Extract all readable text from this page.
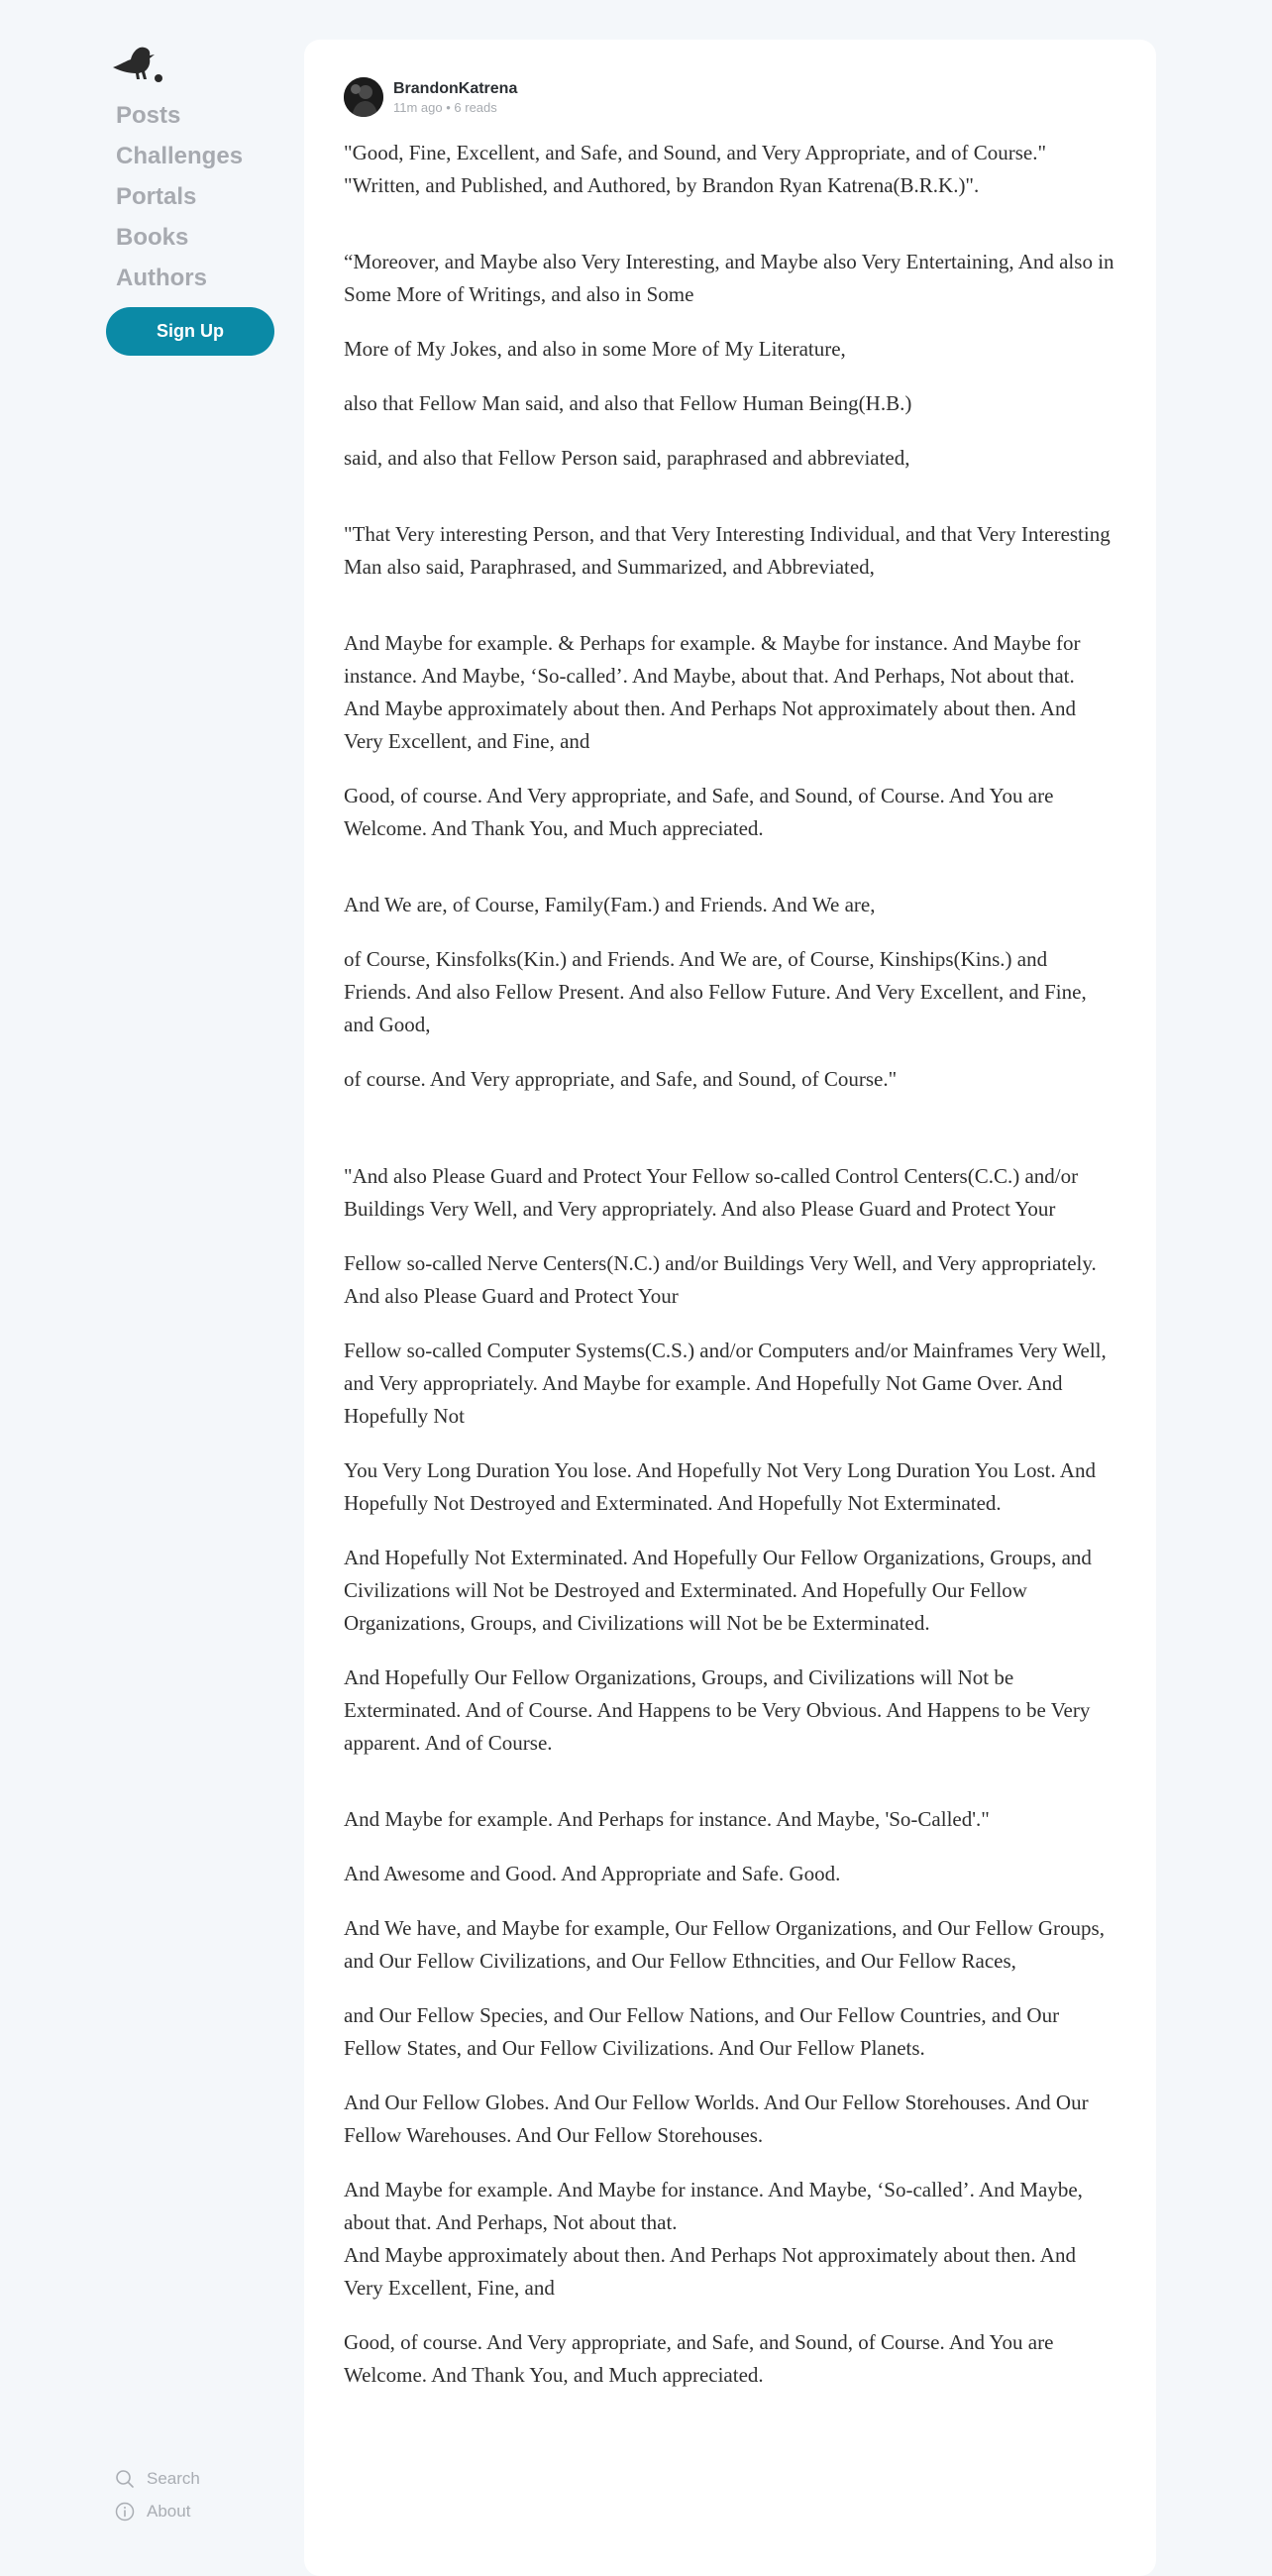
Posts
Challenges
Portals
Books
Authors
Sign Up
Search
About
BrandonKatrena
11m ago • 6 reads

"Good, Fine, Excellent, and Safe, and Sound, and Very Appropriate, and of Course."

"Written, and Published, and Authored, by Brandon Ryan Katrena(B.R.K.)".

“Moreover, and Maybe also Very Interesting, and Maybe also Very Entertaining, And also in Some More of Writings, and also in Some

More of My Jokes, and also in some More of My Literature,

also that Fellow Man said, and also that Fellow Human Being(H.B.)

said, and also that Fellow Person said, paraphrased and abbreviated,

"That Very interesting Person, and that Very Interesting Individual, and that Very Interesting Man also said, Paraphrased, and Summarized, and Abbreviated,

And Maybe for example. & Perhaps for example. & Maybe for instance. And Maybe for instance. And Maybe, ‘So-called’. And Maybe, about that. And Perhaps, Not about that.

And Maybe approximately about then. And Perhaps Not approximately about then. And Very Excellent, and Fine, and

Good, of course. And Very appropriate, and Safe, and Sound, of Course. And You are Welcome. And Thank You, and Much appreciated.

And We are, of Course, Family(Fam.) and Friends. And We are,

of Course, Kinsfolks(Kin.) and Friends. And We are, of Course, Kinships(Kins.) and Friends. And also Fellow Present. And also Fellow Future. And Very Excellent, and Fine, and Good,

of course. And Very appropriate, and Safe, and Sound, of Course."

"And also Please Guard and Protect Your Fellow so-called Control Centers(C.C.) and/or Buildings Very Well, and Very appropriately. And also Please Guard and Protect Your

Fellow so-called Nerve Centers(N.C.) and/or Buildings Very Well, and Very appropriately. And also Please Guard and Protect Your

Fellow so-called Computer Systems(C.S.) and/or Computers and/or Mainframes Very Well, and Very appropriately. And Maybe for example. And Hopefully Not Game Over. And Hopefully Not

You Very Long Duration You lose. And Hopefully Not Very Long Duration You Lost. And Hopefully Not Destroyed and Exterminated. And Hopefully Not Exterminated.

And Hopefully Not Exterminated. And Hopefully Our Fellow Organizations, Groups, and Civilizations will Not be Destroyed and Exterminated. And Hopefully Our Fellow Organizations, Groups, and Civilizations will Not be be Exterminated.

And Hopefully Our Fellow Organizations, Groups, and Civilizations will Not be Exterminated. And of Course. And Happens to be Very Obvious. And Happens to be Very

apparent. And of Course.

And Maybe for example. And Perhaps for instance. And Maybe, 'So-Called'."

And Awesome and Good. And Appropriate and Safe. Good.

And We have, and Maybe for example, Our Fellow Organizations, and Our Fellow Groups, and Our Fellow Civilizations, and Our Fellow Ethncities, and Our Fellow Races,

and Our Fellow Species, and Our Fellow Nations, and Our Fellow Countries, and Our Fellow States, and Our Fellow Civilizations. And Our Fellow Planets.

And Our Fellow Globes. And Our Fellow Worlds. And Our Fellow Storehouses. And Our Fellow Warehouses. And Our Fellow Storehouses.

And Maybe for example. And Maybe for instance. And Maybe, ‘So-called’. And Maybe, about that. And Perhaps, Not about that.

And Maybe approximately about then. And Perhaps Not approximately about then. And Very Excellent, Fine, and

Good, of course. And Very appropriate, and Safe, and Sound, of Course. And You are Welcome. And Thank You, and Much appreciated.
